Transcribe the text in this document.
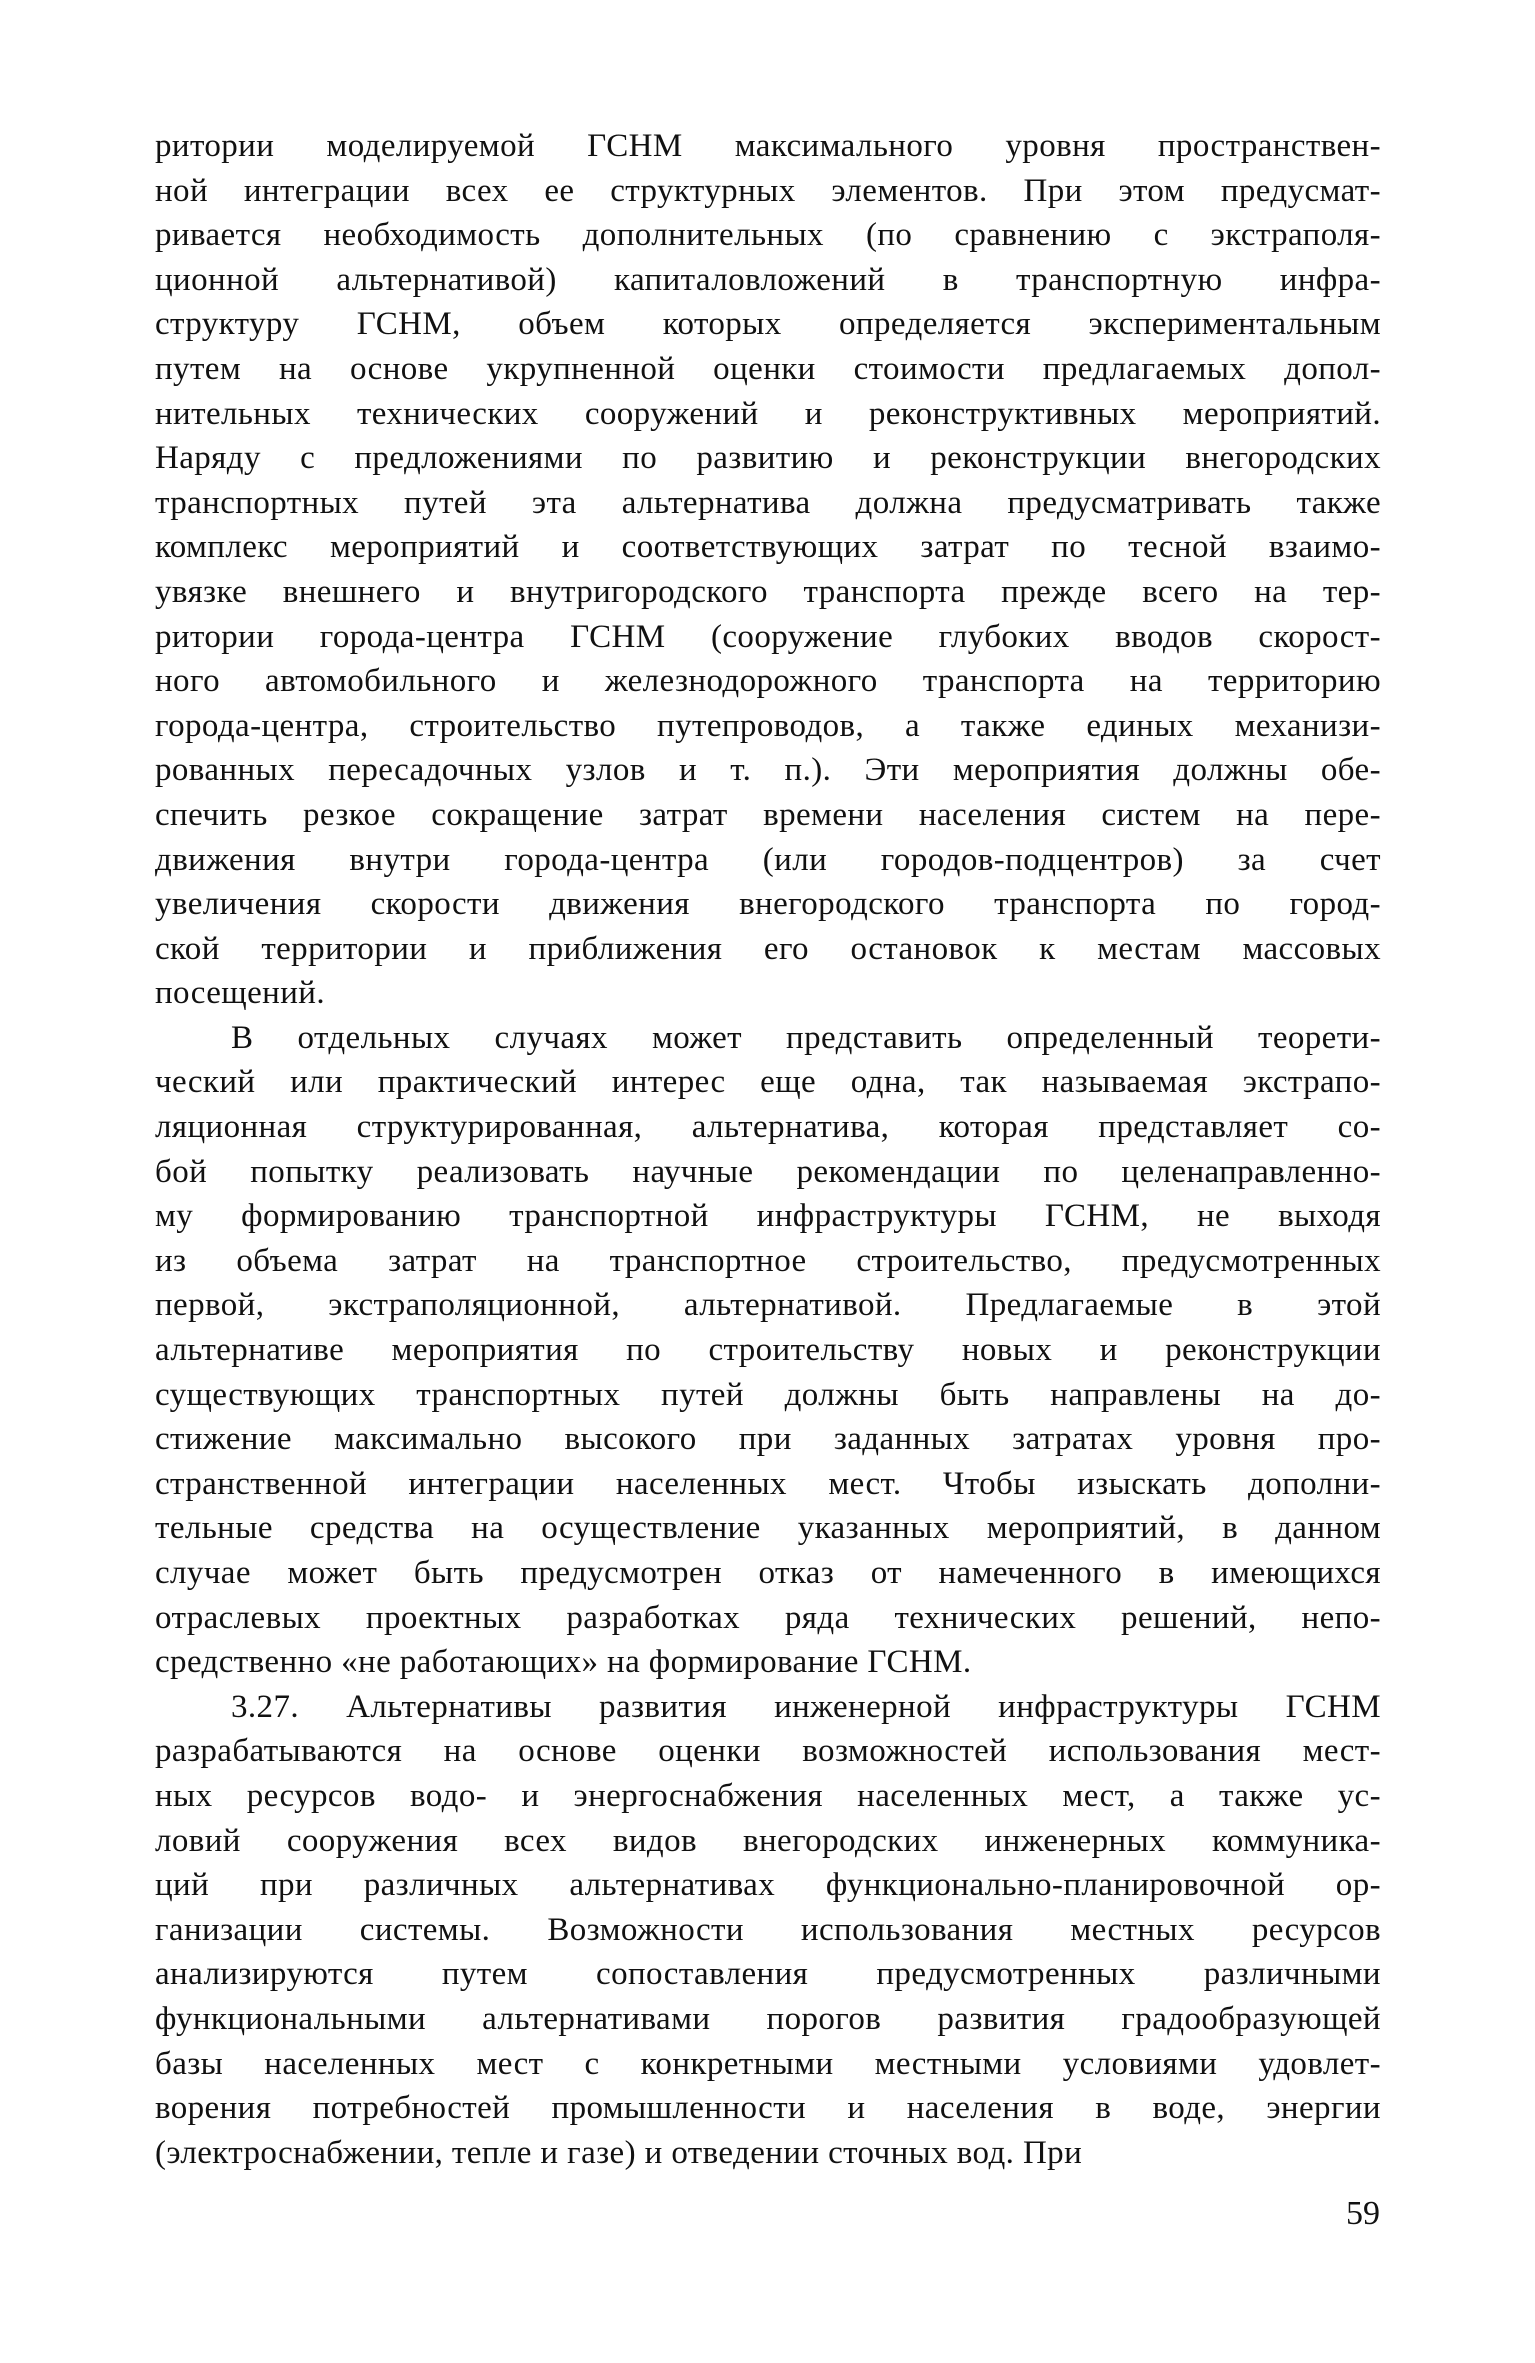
ритории моделируемой ГСНМ максимального уровня пространствен-
ной интеграции всех ее структурных элементов. При этом предусмат-
ривается необходимость дополнительных (по сравнению с экстраполя-
ционной альтернативой) капиталовложений в транспортную инфра-
структуру ГСНМ, объем которых определяется экспериментальным
путем на основе укрупненной оценки стоимости предлагаемых допол-
нительных технических сооружений и реконструктивных мероприятий.
Наряду с предложениями по развитию и реконструкции внегородских
транспортных путей эта альтернатива должна предусматривать также
комплекс мероприятий и соответствующих затрат по тесной взаимо-
увязке внешнего и внутригородского транспорта прежде всего на тер-
ритории города-центра ГСНМ (сооружение глубоких вводов скорост-
ного автомобильного и железнодорожного транспорта на территорию
города-центра, строительство путепроводов, а также единых механизи-
рованных пересадочных узлов и т. п.). Эти мероприятия должны обе-
спечить резкое сокращение затрат времени населения систем на пере-
движения внутри города-центра (или городов-подцентров) за счет
увеличения скорости движения внегородского транспорта по город-
ской территории и приближения его остановок к местам массовых
посещений.

В отдельных случаях может представить определенный теорети-
ческий или практический интерес еще одна, так называемая экстрапо-
ляционная структурированная, альтернатива, которая представляет со-
бой попытку реализовать научные рекомендации по целенаправленно-
му формированию транспортной инфраструктуры ГСНМ, не выходя
из объема затрат на транспортное строительство, предусмотренных
первой, экстраполяционной, альтернативой. Предлагаемые в этой
альтернативе мероприятия по строительству новых и реконструкции
существующих транспортных путей должны быть направлены на до-
стижение максимально высокого при заданных затратах уровня про-
странственной интеграции населенных мест. Чтобы изыскать дополни-
тельные средства на осуществление указанных мероприятий, в данном
случае может быть предусмотрен отказ от намеченного в имеющихся
отраслевых проектных разработках ряда технических решений, непо-
средственно «не работающих» на формирование ГСНМ.

3.27. Альтернативы развития инженерной инфраструктуры ГСНМ
разрабатываются на основе оценки возможностей использования мест-
ных ресурсов водо- и энергоснабжения населенных мест, а также ус-
ловий сооружения всех видов внегородских инженерных коммуника-
ций при различных альтернативах функционально-планировочной ор-
ганизации системы. Возможности использования местных ресурсов
анализируются путем сопоставления предусмотренных различными
функциональными альтернативами порогов развития градообразующей
базы населенных мест с конкретными местными условиями удовлет-
ворения потребностей промышленности и населения в воде, энергии
(электроснабжении, тепле и газе) и отведении сточных вод. При

59
